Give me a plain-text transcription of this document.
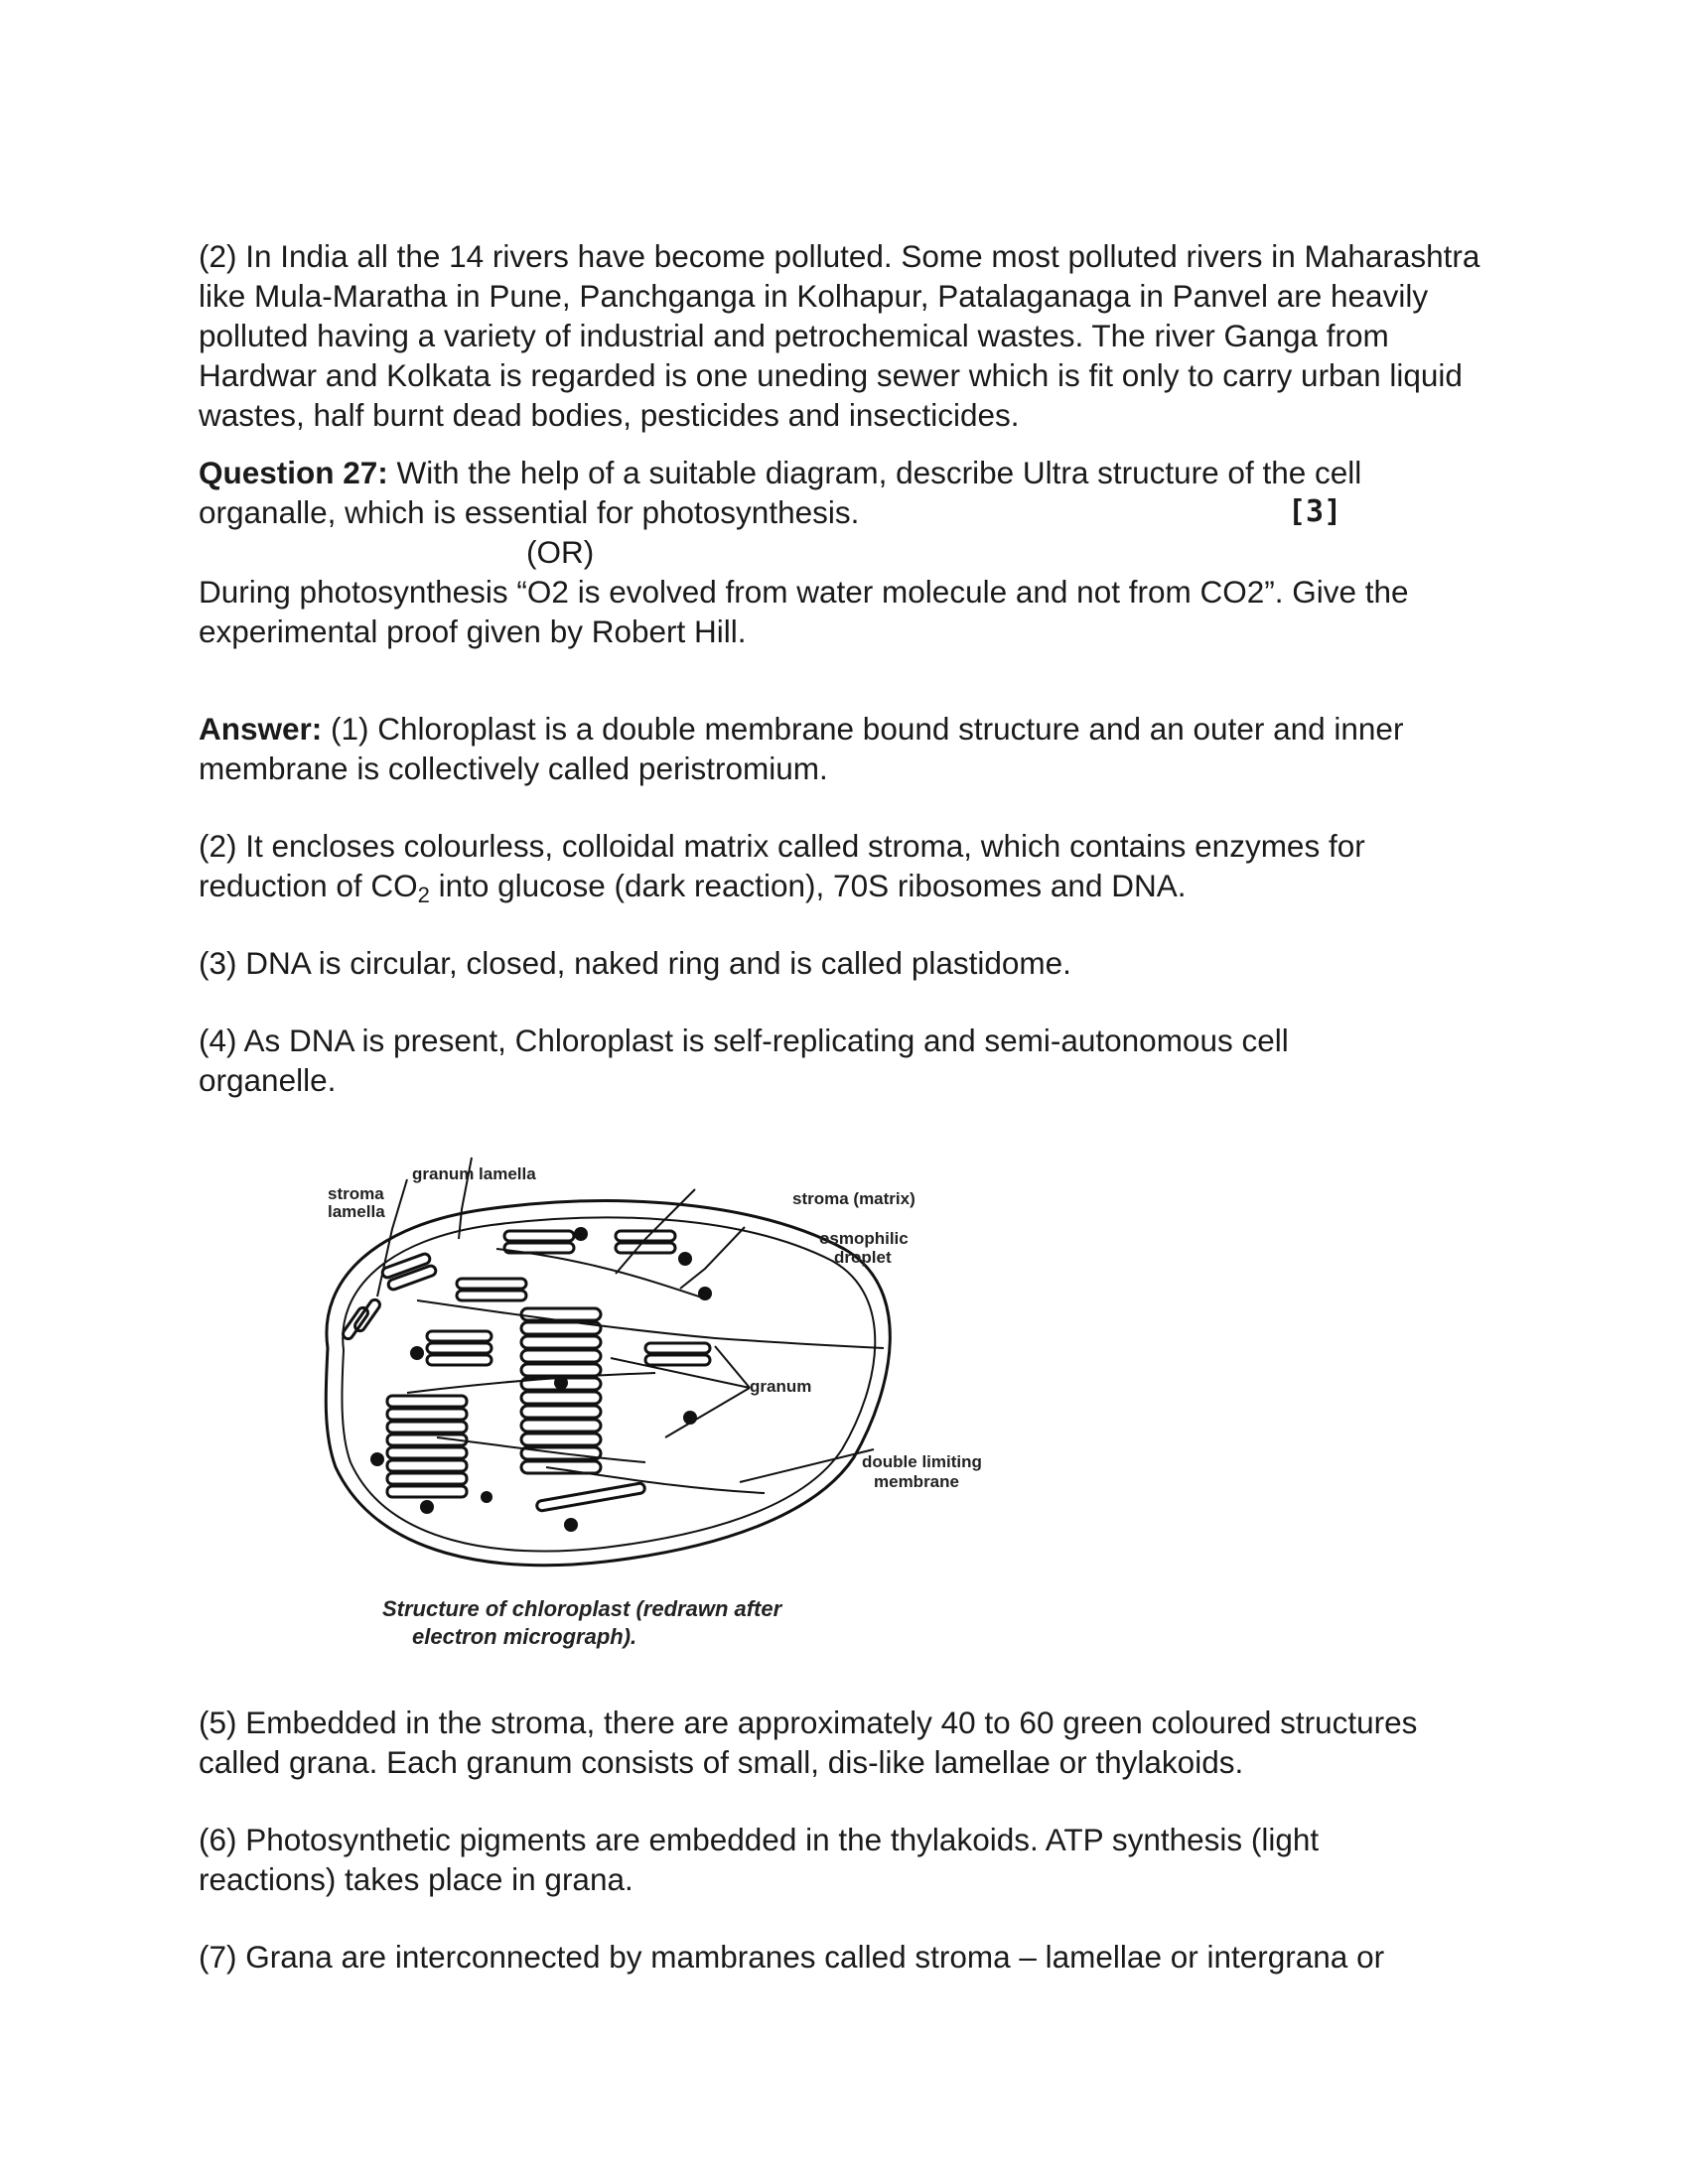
(2) In India all the 14 rivers have become polluted. Some most polluted rivers in Maharashtra like Mula-Maratha in Pune, Panchganga in Kolhapur, Patalaganaga in Panvel are heavily polluted having a variety of industrial and petrochemical wastes. The river Ganga from Hardwar and Kolkata is regarded is one uneding sewer which is fit only to carry urban liquid wastes, half burnt dead bodies, pesticides and insecticides.

Question 27: With the help of a suitable diagram, describe Ultra structure of the cell

organalle, which is essential for photosynthesis.	[3]

(OR)

During photosynthesis “O2 is evolved from water molecule and not from CO2”. Give the

experimental proof given by Robert Hill.

Answer: (1) Chloroplast is a double membrane bound structure and an outer and inner

membrane is collectively called peristromium.

(2) It encloses colourless, colloidal matrix called stroma, which contains enzymes for

reduction of $CO_2$ into glucose (dark reaction), 70S ribosomes and DNA.

(3) DNA is circular, closed, naked ring and is called plastidome.

(4) As DNA is present, Chloroplast is self-replicating and semi-autonomous cell

organelle.

granum lamella
stroma
lamella
stroma (matrix)
osmophilic
droplet
granum
double limiting
membrane
Structure of chloroplast (redrawn after
electron micrograph).

(5) Embedded in the stroma, there are approximately 40 to 60 green coloured structures

called grana. Each granum consists of small, dis-like lamellae or thylakoids.

(6) Photosynthetic pigments are embedded in the thylakoids. ATP synthesis (light

reactions) takes place in grana.

(7) Grana are interconnected by mambranes called stroma – lamellae or intergrana or
